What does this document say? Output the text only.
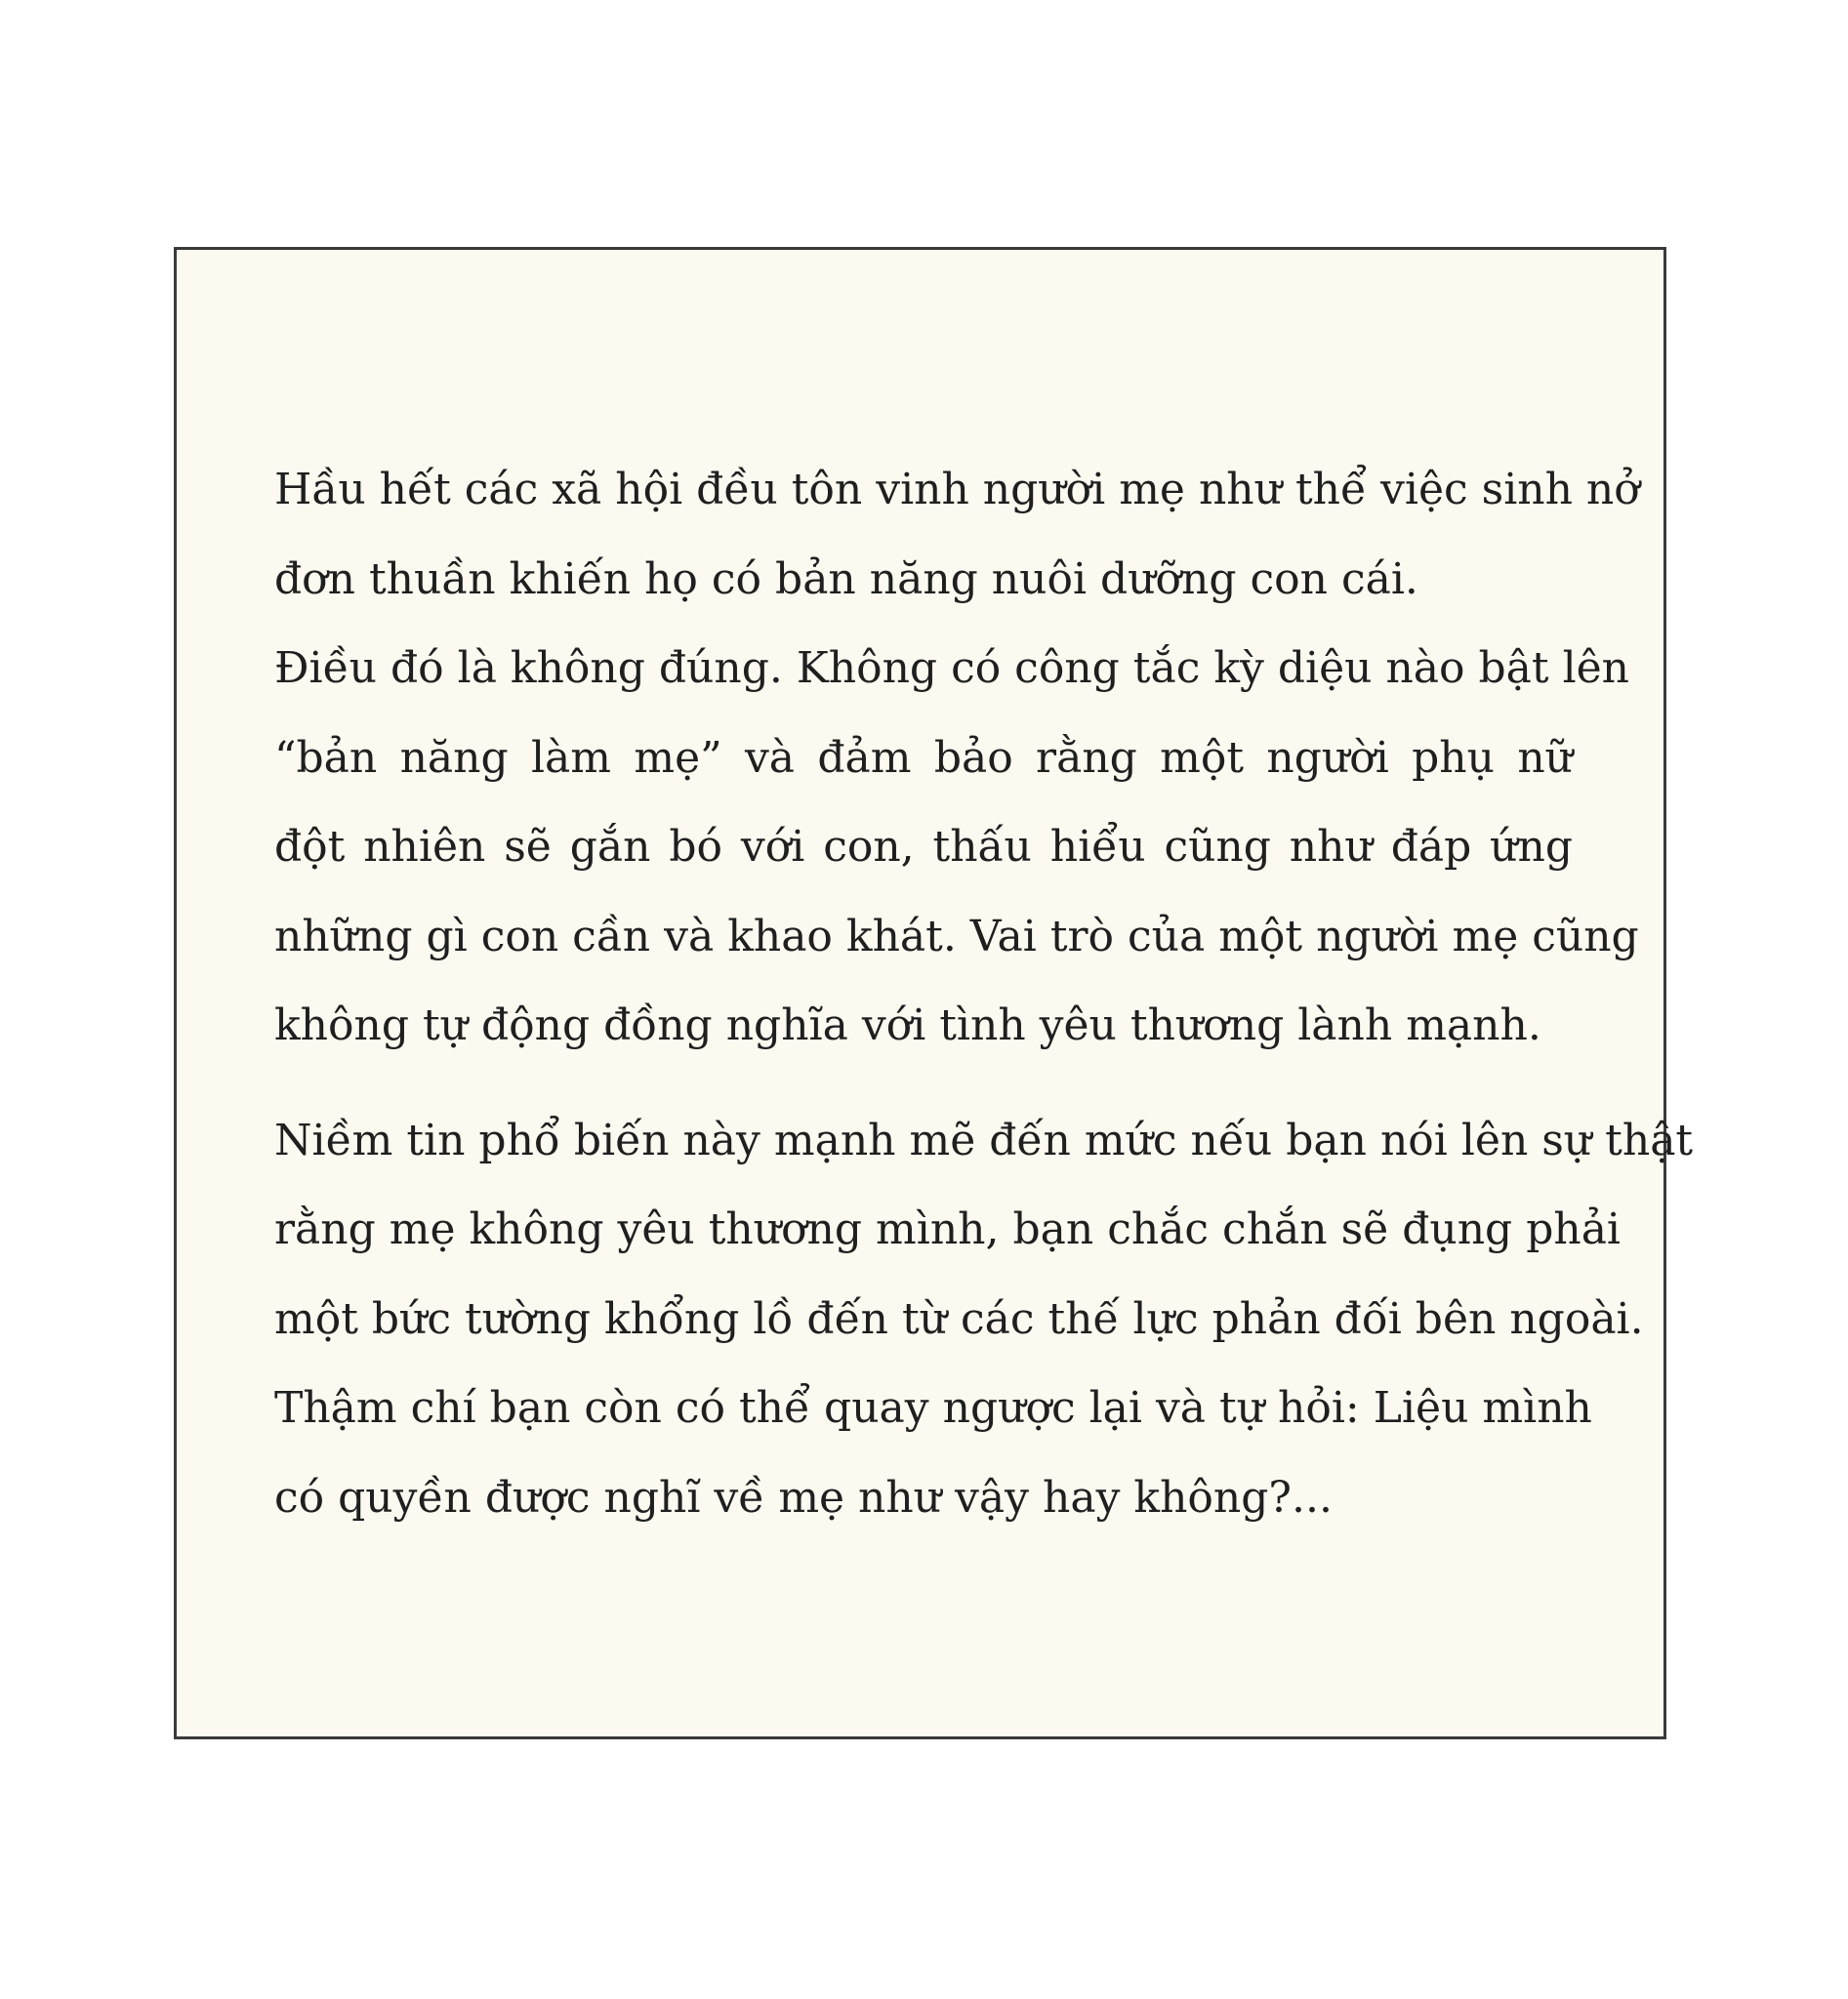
Hầu hết các xã hội đều tôn vinh người mẹ như thể việc sinh nở
đơn thuần khiến họ có bản năng nuôi dưỡng con cái.
Điều đó là không đúng. Không có công tắc kỳ diệu nào bật lên
“bản năng làm mẹ” và đảm bảo rằng một người phụ nữ
đột nhiên sẽ gắn bó với con, thấu hiểu cũng như đáp ứng
những gì con cần và khao khát. Vai trò của một người mẹ cũng
không tự động đồng nghĩa với tình yêu thương lành mạnh.
Niềm tin phổ biến này mạnh mẽ đến mức nếu bạn nói lên sự thật
rằng mẹ không yêu thương mình, bạn chắc chắn sẽ đụng phải
một bức tường khổng lồ đến từ các thế lực phản đối bên ngoài.
Thậm chí bạn còn có thể quay ngược lại và tự hỏi: Liệu mình
có quyền được nghĩ về mẹ như vậy hay không?...
